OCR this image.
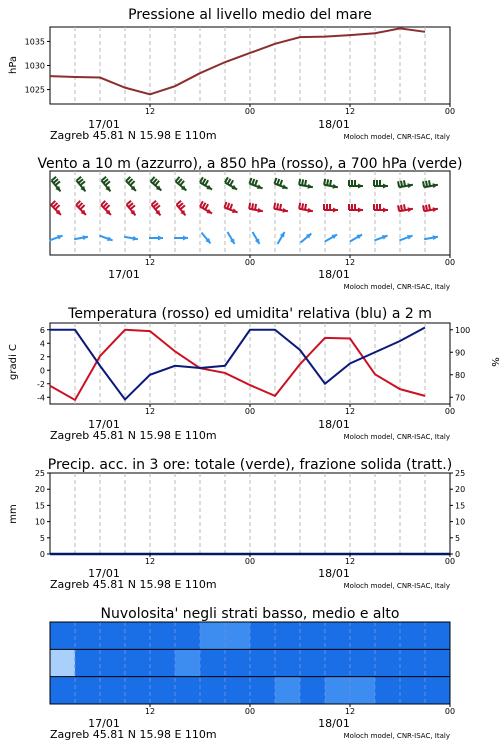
Pressione al livello medio del mare
Vento a 10 m (azzurro), a 850 hPa (rosso), a 700 hPa (verde)
Temperatura (rosso) ed umidita' relativa (blu) a 2 m
Precip. acc. in 3 ore: totale (verde), frazione solida (tratt.)
Nuvolosita' negli strati basso, medio e alto
hPa
gradi C	%
mm
1025
1030
1035
12	00	12	00
17/01	18/01
Zagreb 45.81 N 15.98 E 110m	Moloch model, CNR-ISAC, Italy
12	00	12	00
17/01	18/01
Moloch model, CNR-ISAC, Italy
6
4
2
0
-2
-4
100
90
80
70
12	00	12	00
17/01	18/01
Zagreb 45.81 N 15.98 E 110m	Moloch model, CNR-ISAC, Italy
25	25
20	20
15	15
10	10
5	5
0	0
12	00	12	00
17/01	18/01
Zagreb 45.81 N 15.98 E 110m	Moloch model, CNR-ISAC, Italy
12	00	12	00
17/01	18/01
Zagreb 45.81 N 15.98 E 110m	Moloch model, CNR-ISAC, Italy
